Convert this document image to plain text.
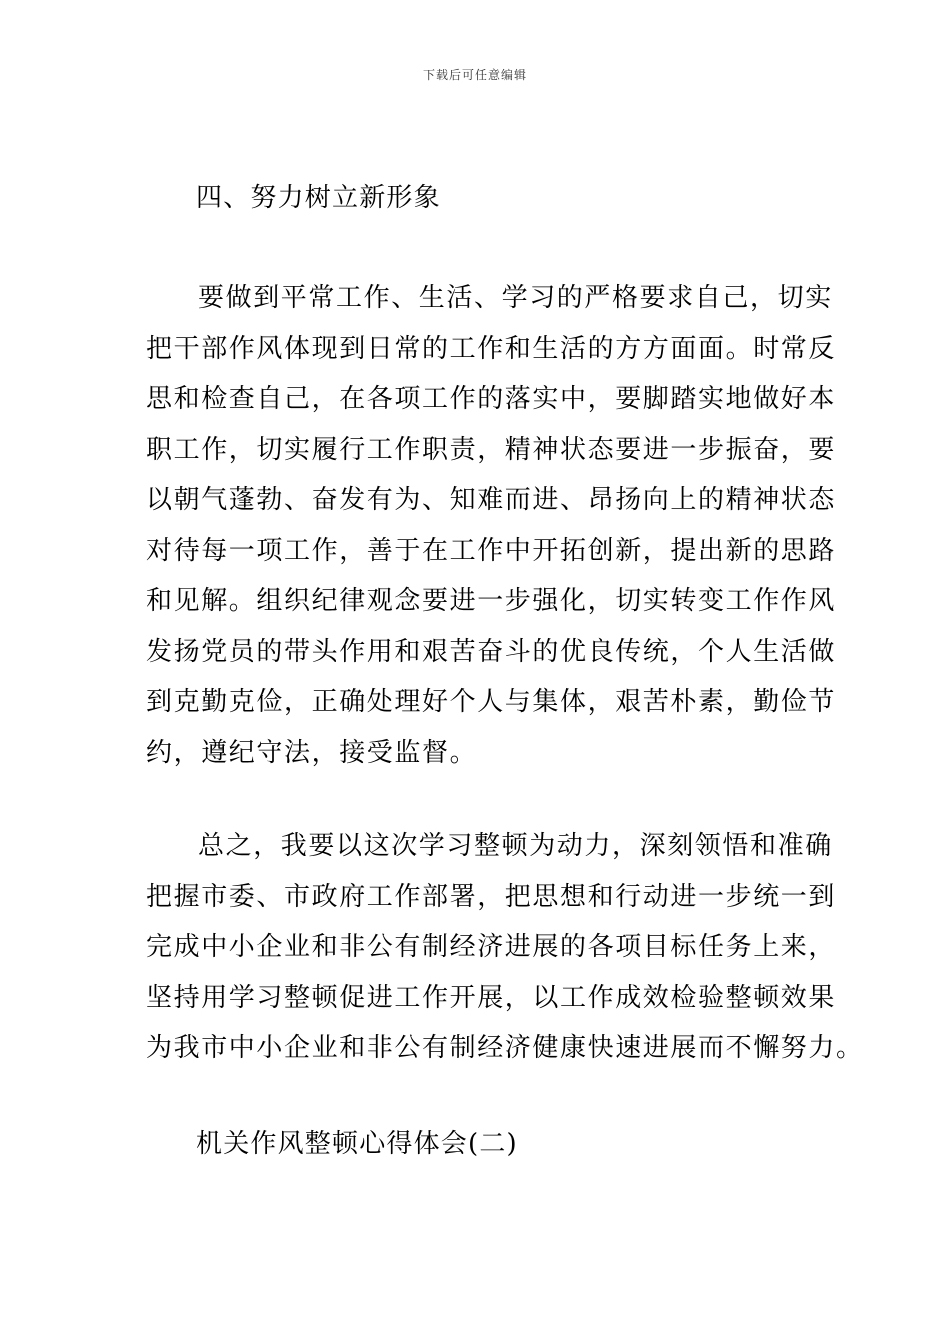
下载后可任意编辑
四、努力树立新形象
要做到平常工作、生活、学习的严格要求自己，切实
把干部作风体现到日常的工作和生活的方方面面。时常反
思和检查自己，在各项工作的落实中，要脚踏实地做好本
职工作，切实履行工作职责，精神状态要进一步振奋，要
以朝气蓬勃、奋发有为、知难而进、昂扬向上的精神状态
对待每一项工作，善于在工作中开拓创新，提出新的思路
和见解。组织纪律观念要进一步强化，切实转变工作作风
发扬党员的带头作用和艰苦奋斗的优良传统，个人生活做
到克勤克俭，正确处理好个人与集体，艰苦朴素，勤俭节
约，遵纪守法，接受监督。
总之，我要以这次学习整顿为动力，深刻领悟和准确
把握市委、市政府工作部署，把思想和行动进一步统一到
完成中小企业和非公有制经济进展的各项目标任务上来，
坚持用学习整顿促进工作开展，以工作成效检验整顿效果
为我市中小企业和非公有制经济健康快速进展而不懈努力。
机关作风整顿心得体会(二)
